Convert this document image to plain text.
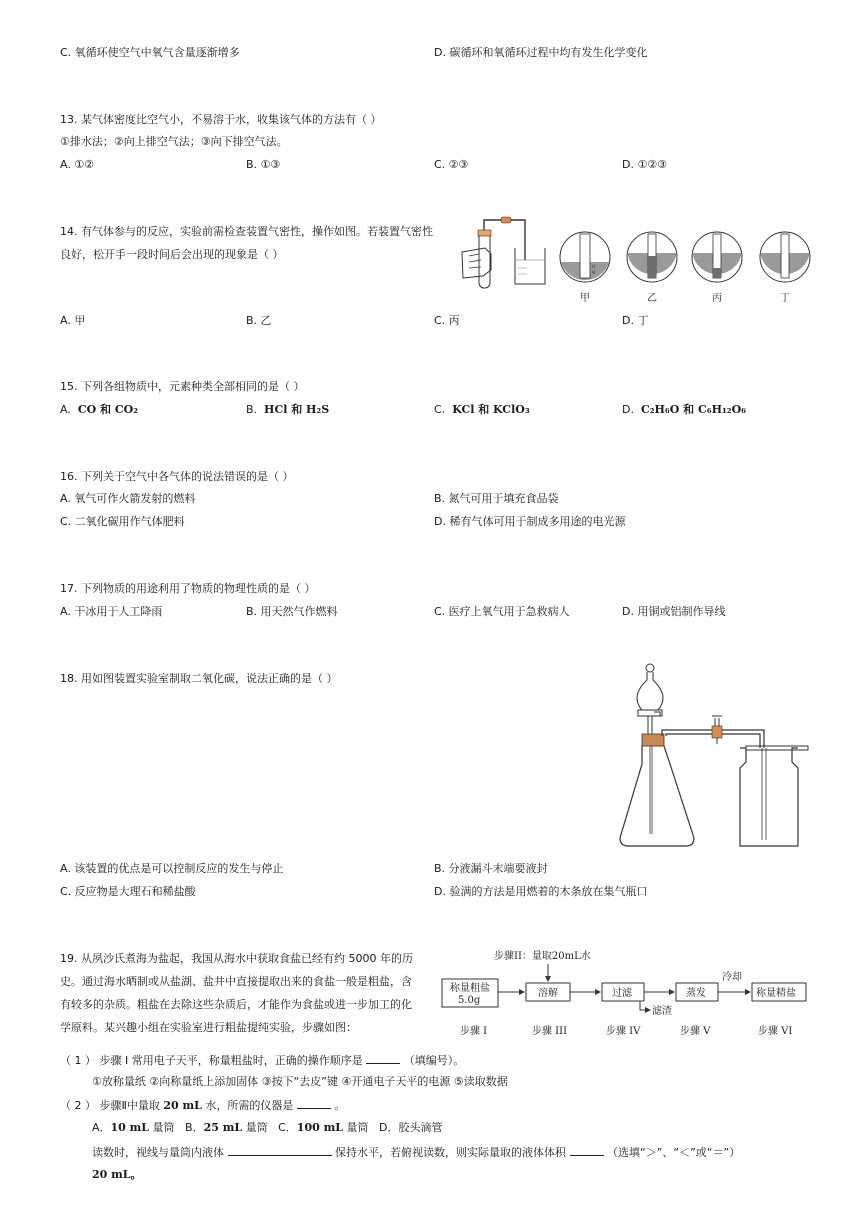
C. 氧循环使空气中氧气含量逐渐增多	D. 碳循环和氧循环过程中均有发生化学变化
13. 某气体密度比空气小，不易溶于水，收集该气体的方法有（ ）
①排水法；②向上排空气法；③向下排空气法。
A. ①②	B. ①③	C. ②③	D. ①②③
14. 有气体参与的反应，实验前需检查装置气密性，操作如图。若装置气密性
良好，松开手一段时间后会出现的现象是（ ）
o
o
甲	乙	丙	丁
A. 甲	B. 乙	C. 丙	D. 丁
15. 下列各组物质中，元素种类全部相同的是（ ）
A. CO 和 CO₂	B. HCl 和 H₂S	C. KCl 和 KClO₃	D. C₂H₆O 和 C₆H₁₂O₆
16. 下列关于空气中各气体的说法错误的是（ ）
A. 氧气可作火箭发射的燃料	B. 氮气可用于填充食品袋
C. 二氧化碳用作气体肥料	D. 稀有气体可用于制成多用途的电光源
17. 下列物质的用途利用了物质的物理性质的是（ ）
A. 干冰用于人工降雨	B. 用天然气作燃料	C. 医疗上氧气用于急救病人	D. 用铜或铝制作导线
18. 用如图装置实验室制取二氧化碳，说法正确的是（ ）
A. 该装置的优点是可以控制反应的发生与停止	B. 分液漏斗末端要液封
C. 反应物是大理石和稀盐酸	D. 验满的方法是用燃着的木条放在集气瓶口
19. 从夙沙氏煮海为盐起，我国从海水中获取食盐已经有约 5000 年的历
史。通过海水晒制或从盐湖、盐井中直接提取出来的食盐一般是粗盐，含
有较多的杂质。粗盐在去除这些杂质后，才能作为食盐或进一步加工的化
学原料。某兴趣小组在实验室进行粗盐提纯实验，步骤如图：
步骤II：量取20mL水
称量粗盐
5.0g
溶解	过滤	蒸发
冷却
称量精盐
滤渣
步骤 I	步骤 III	步骤 IV	步骤 V	步骤 VI
（ 1 ） 步骤 I 常用电子天平，称量粗盐时，正确的操作顺序是	（填编号）。
①放称量纸 ②向称量纸上添加固体 ③按下“去皮”键 ④开通电子天平的电源 ⑤读取数据
（ 2 ） 步骤Ⅱ中量取 20 mL 水，所需的仪器是	。
A．10 mL 量筒 B．25 mL 量筒 C．100 mL 量筒 D．胶头滴管
读数时，视线与量筒内液体	保持水平，若俯视读数，则实际量取的液体体积	（选填“＞”、“＜”或“＝”）
20 mL。
